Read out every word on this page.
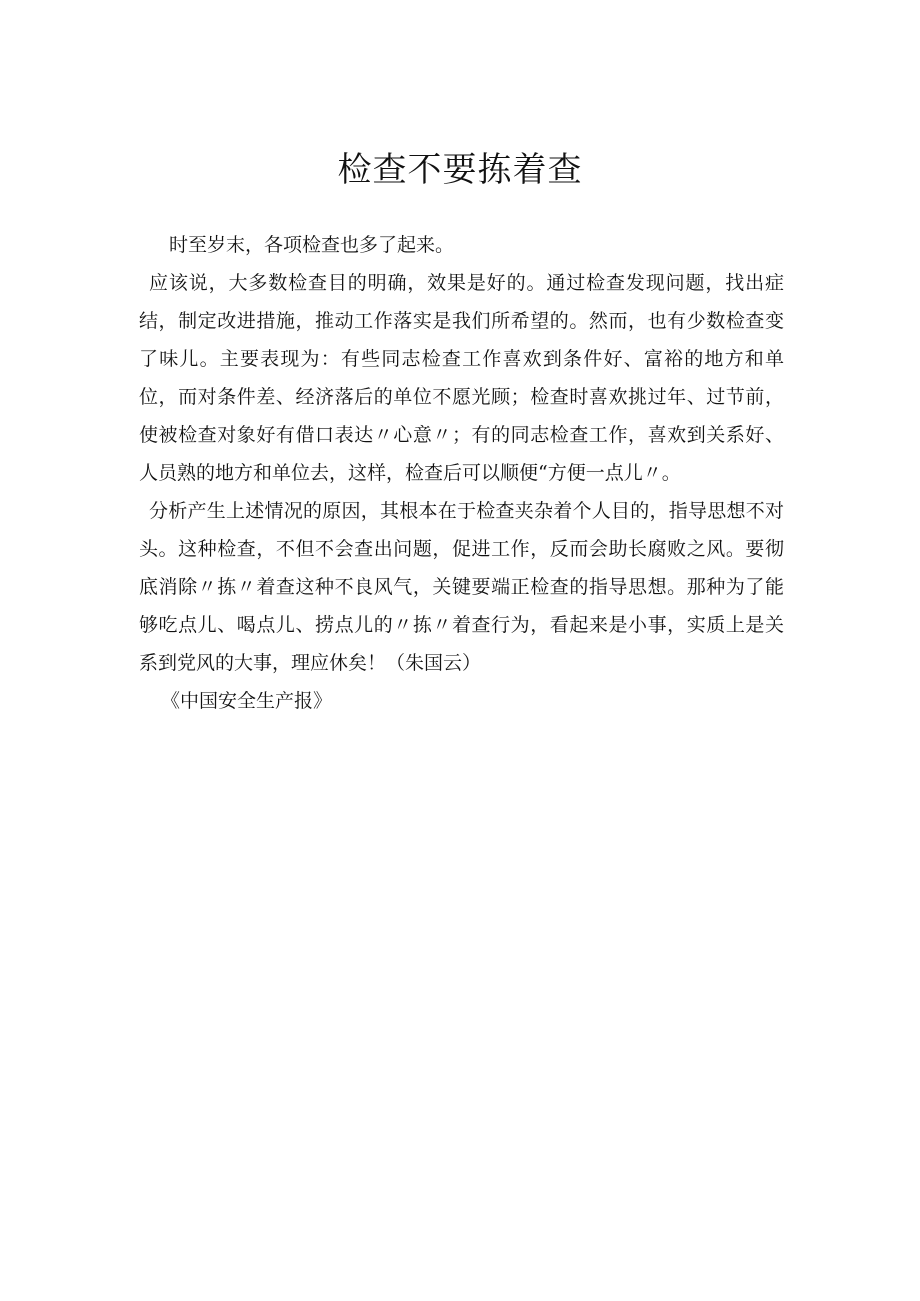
检查不要拣着查

时至岁末，各项检查也多了起来。

应该说，大多数检查目的明确，效果是好的。通过检查发现问题，找出症结，制定改进措施，推动工作落实是我们所希望的。然而，也有少数检查变了味儿。主要表现为：有些同志检查工作喜欢到条件好、富裕的地方和单位，而对条件差、经济落后的单位不愿光顾；检查时喜欢挑过年、过节前，使被检查对象好有借口表达〃心意〃；有的同志检查工作，喜欢到关系好、人员熟的地方和单位去，这样，检查后可以顺便“方便一点儿〃。

分析产生上述情况的原因，其根本在于检查夹杂着个人目的，指导思想不对头。这种检查，不但不会查出问题，促进工作，反而会助长腐败之风。要彻底消除〃拣〃着查这种不良风气，关键要端正检查的指导思想。那种为了能够吃点儿、喝点儿、捞点儿的〃拣〃着查行为，看起来是小事，实质上是关系到党风的大事，理应休矣！（朱国云）

《中国安全生产报》
